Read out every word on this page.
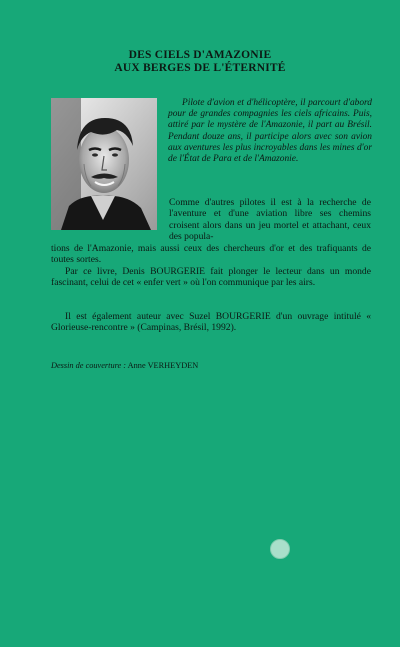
DES CIELS D'AMAZONIE
AUX BERGES DE L'ÉTERNITÉ
Pilote d'avion et d'hélicoptère, il parcourt d'abord pour de grandes compagnies les ciels africains. Puis, attiré par le mystère de l'Amazonie, il part au Brésil. Pendant douze ans, il participe alors avec son avion aux aventures les plus incroyables dans les mines d'or de l'État de Para et de l'Amazonie.
Comme d'autres pilotes il est à la recherche de l'aventure et d'une aviation libre ses chemins croisent alors dans un jeu mortel et attachant, ceux des popula-
tions de l'Amazonie, mais aussi ceux des chercheurs d'or et des trafiquants de toutes sortes.
Par ce livre, Denis BOURGERIE fait plonger le lecteur dans un monde fascinant, celui de cet « enfer vert » où l'on communique par les airs.
Il est également auteur avec Suzel BOURGERIE d'un ouvrage intitulé « Glorieuse-rencontre » (Campinas, Brésil, 1992).
Dessin de couverture : Anne VERHEYDEN
